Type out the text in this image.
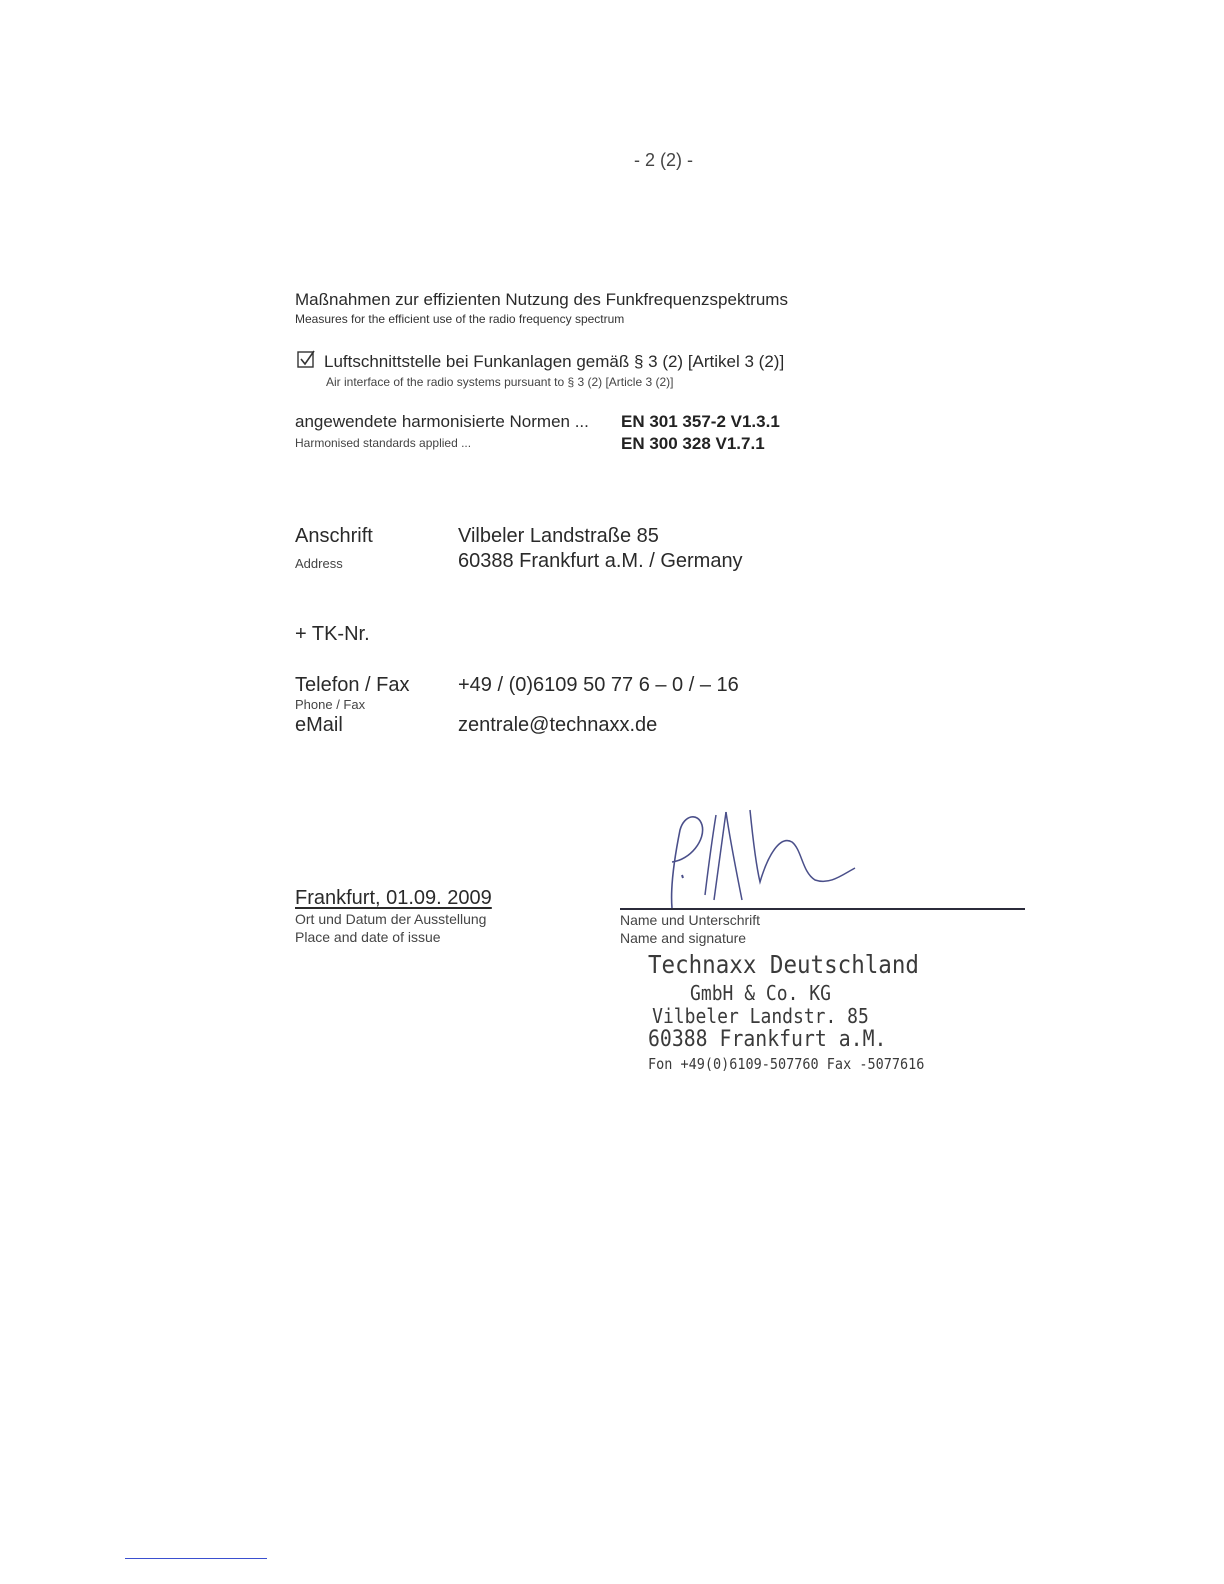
- 2 (2) -
Maßnahmen zur effizienten Nutzung des Funkfrequenzspektrums
Measures for the efficient use of the radio frequency spectrum
Luftschnittstelle bei Funkanlagen gemäß § 3 (2) [Artikel 3 (2)]
Air interface of the radio systems pursuant to § 3 (2) [Article 3 (2)]
angewendete harmonisierte Normen ...
Harmonised standards applied ...
EN 301 357-2 V1.3.1
EN 300 328 V1.7.1
Anschrift
Address
Vilbeler Landstraße 85
60388 Frankfurt a.M. / Germany
+ TK-Nr.
Telefon / Fax
Phone / Fax
+49 / (0)6109 50 77 6 – 0 / – 16
eMail	zentrale@technaxx.de
Frankfurt, 01.09. 2009
Ort und Datum der Ausstellung
Place and date of issue
Name und Unterschrift
Name and signature
Technaxx Deutschland
GmbH & Co. KG
Vilbeler Landstr. 85
60388 Frankfurt a.M.
Fon +49(0)6109-507760 Fax -5077616
